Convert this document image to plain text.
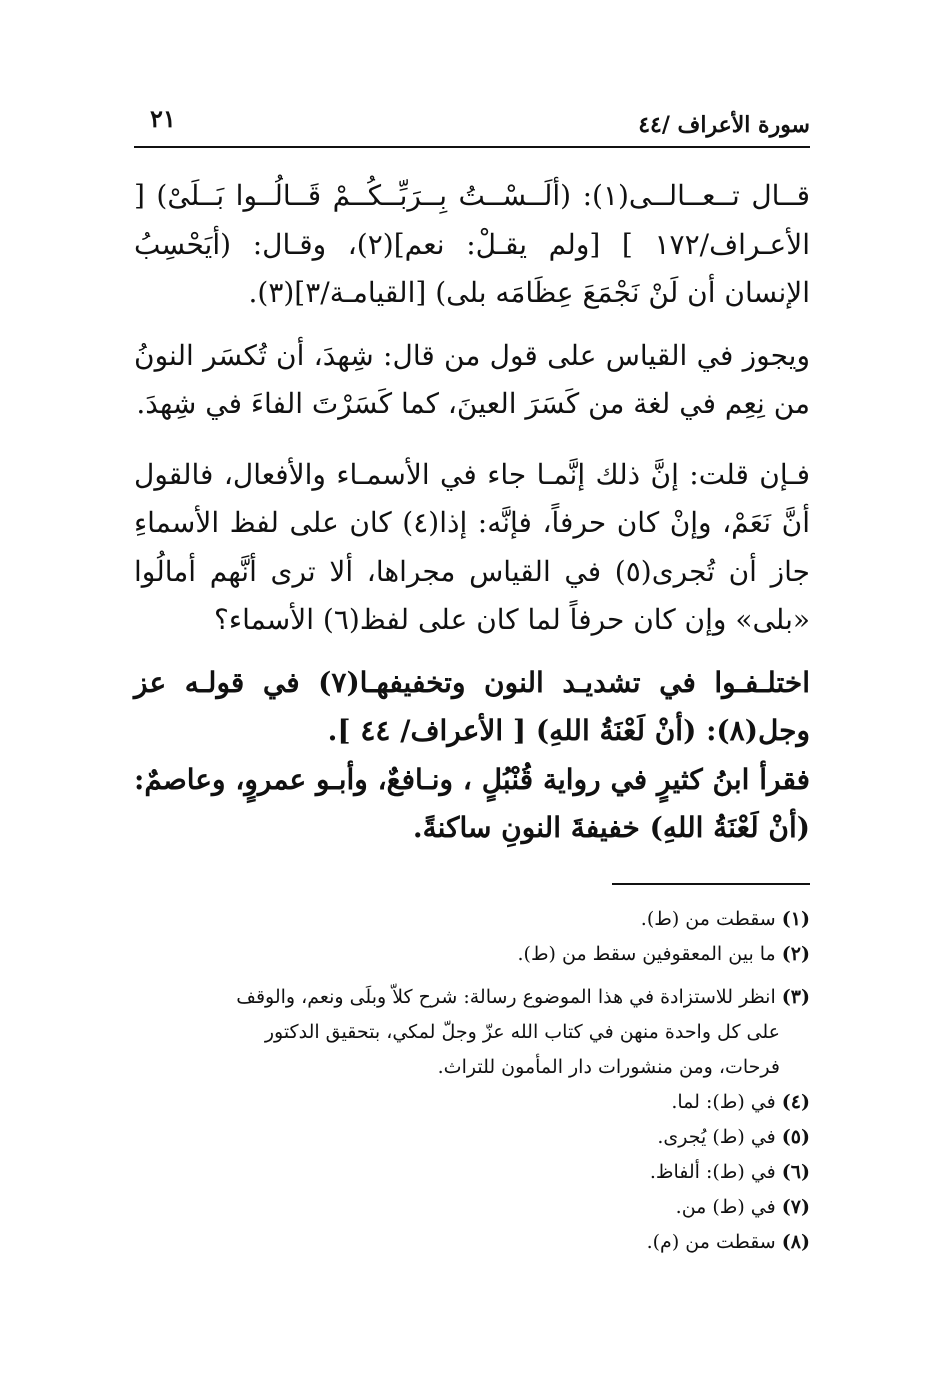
سورة الأعراف /٤٤
٢١

قــال تــعــالــى(١): (ألَــسْــتُ بِــرَبِّــكُــمْ قَــالُــوا بَــلَىْ) [ الأعـراف/١٧٢ ] [ولم يقـلْ: نعم](٢)، وقـال: (أيَحْسِبُ الإنسان أن لَنْ نَجْمَعَ عِظَامَه بلى) [القيامـة/٣](٣).

ويجوز في القياس على قول من قال: شِهدَ، أن تُكسَر النونُ من نِعِم في لغة من كَسَرَ العينَ، كما كَسَرْتَ الفاءَ في شِهدَ.

فـإن قلت: إنَّ ذلك إنَّمـا جاء في الأسمـاء والأفعال، فالقول أنَّ نَعَمْ، وإنْ كان حرفاً، فإنَّه: إذا(٤) كان على لفظ الأسماءِ جاز أن تُجرى(٥) في القياس مجراها، ألا ترى أنَّهم أمالُوا «بلى» وإن كان حرفاً لما كان على لفظ(٦) الأسماء؟

اختلـفـوا في تشديـد النون وتخفيفهـا(٧) في قولـه عز وجل(٨): (أنْ لَعْنَةُ اللهِ) [ الأعراف/ ٤٤ ].

فقرأ ابنُ كثيرٍ في رواية قُنْبُلٍ ، ونـافعٌ، وأبـو عمروٍ، وعاصمٌ: (أنْ لَعْنَةُ اللهِ) خفيفةَ النونِ ساكنةً.

(١) سقطت من (ط).

(٢) ما بين المعقوفين سقط من (ط).

(٣) انظر للاستزادة في هذا الموضوع رسالة: شرح كلاّ وبلَى ونعم، والوقف
على كل واحدة منهن في كتاب الله عزّ وجلّ لمكي، بتحقيق الدكتور
فرحات، ومن منشورات دار المأمون للتراث.

(٤) في (ط): لما.

(٥) في (ط) يُجرى.

(٦) في (ط): ألفاظ.

(٧) في (ط) من.

(٨) سقطت من (م).
